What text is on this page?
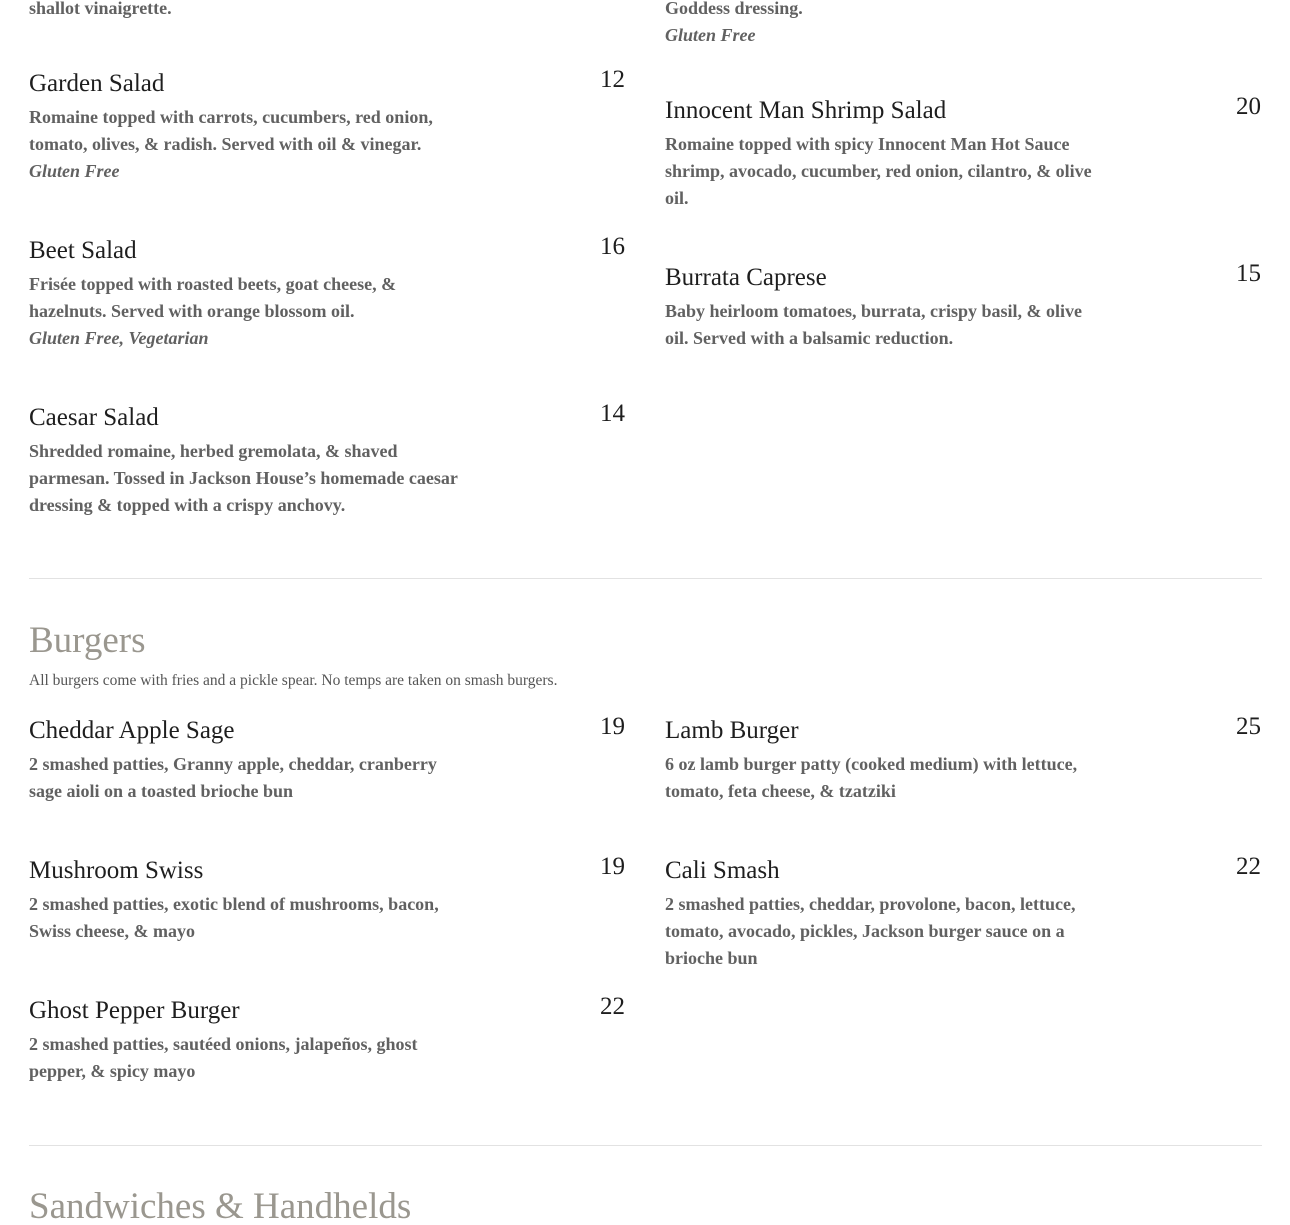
shallot vinaigrette.	Goddess dressing.

Gluten Free

Garden Salad	12

Romaine topped with carrots, cucumbers, red onion, tomato, olives, & radish. Served with oil & vinegar.

Gluten Free

Beet Salad	16

Frisée topped with roasted beets, goat cheese, & hazelnuts. Served with orange blossom oil.

Gluten Free, Vegetarian

Caesar Salad	14

Shredded romaine, herbed gremolata, & shaved parmesan. Tossed in Jackson House’s homemade caesar dressing & topped with a crispy anchovy.

Innocent Man Shrimp Salad	20

Romaine topped with spicy Innocent Man Hot Sauce shrimp, avocado, cucumber, red onion, cilantro, & olive oil.

Burrata Caprese	15

Baby heirloom tomatoes, burrata, crispy basil, & olive oil. Served with a balsamic reduction.

Burgers

All burgers come with fries and a pickle spear. No temps are taken on smash burgers.

Cheddar Apple Sage	19

2 smashed patties, Granny apple, cheddar, cranberry sage aioli on a toasted brioche bun

Mushroom Swiss	19

2 smashed patties, exotic blend of mushrooms, bacon, Swiss cheese, & mayo

Ghost Pepper Burger	22

2 smashed patties, sautéed onions, jalapeños, ghost pepper, & spicy mayo

Lamb Burger	25

6 oz lamb burger patty (cooked medium) with lettuce, tomato, feta cheese, & tzatziki

Cali Smash	22

2 smashed patties, cheddar, provolone, bacon, lettuce, tomato, avocado, pickles, Jackson burger sauce on a brioche bun

Sandwiches & Handhelds
